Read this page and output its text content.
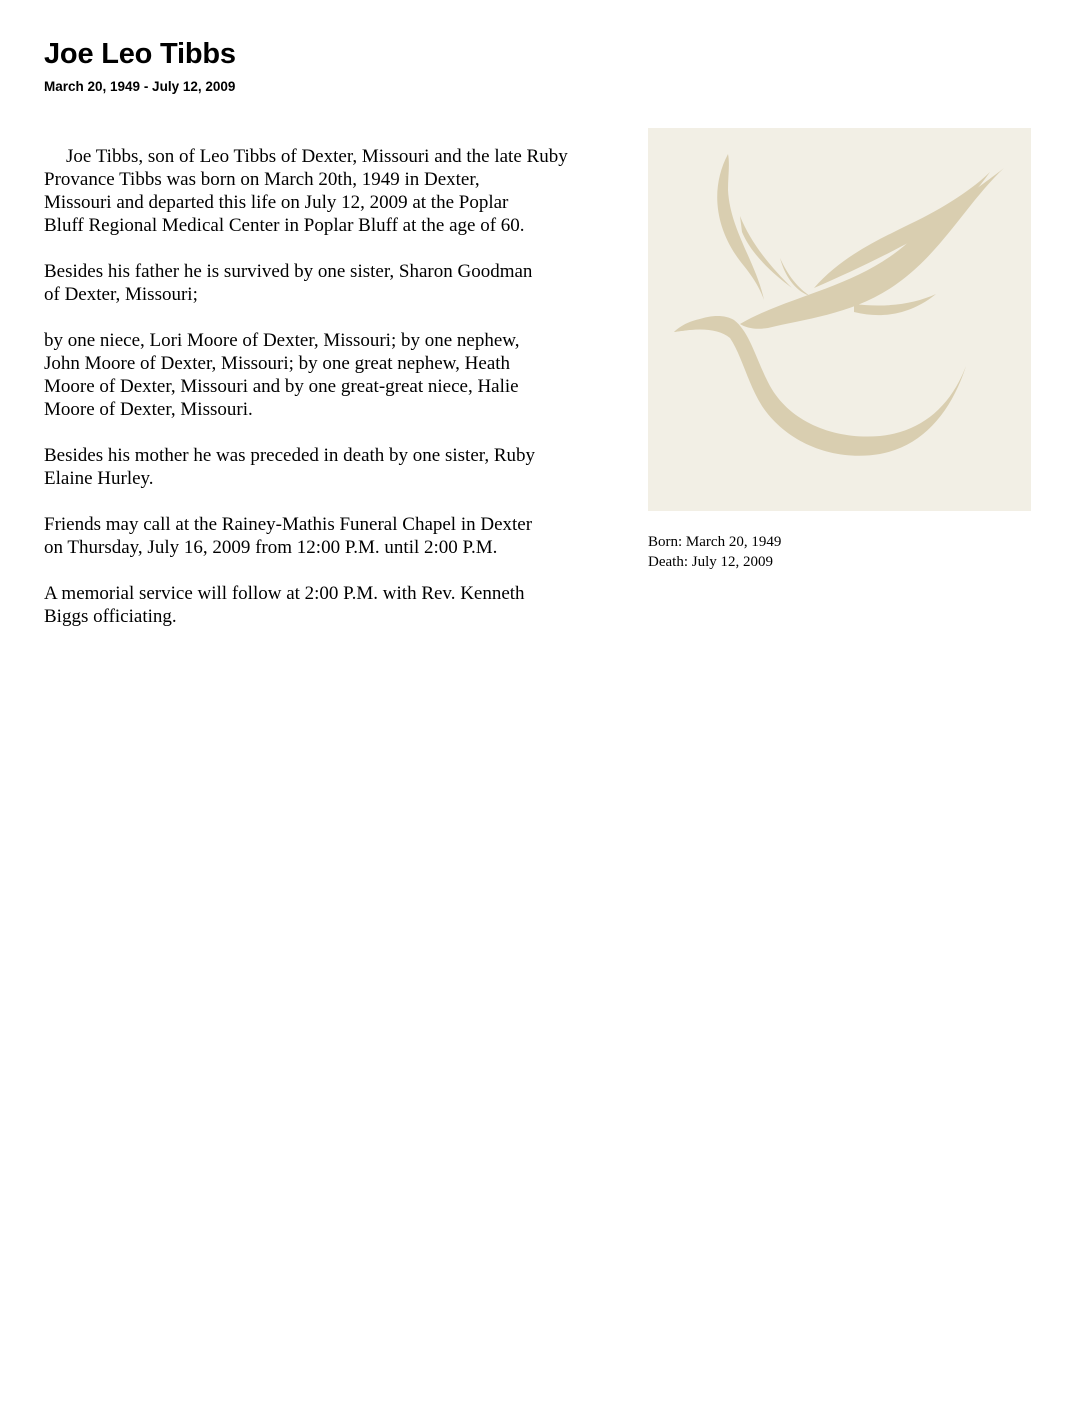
Joe Leo Tibbs
March 20, 1949 - July 12, 2009

Joe Tibbs, son of Leo Tibbs of Dexter, Missouri and the late Ruby
Provance Tibbs was born on March 20th, 1949 in Dexter,
Missouri and departed this life on July 12, 2009 at the Poplar
Bluff Regional Medical Center in Poplar Bluff at the age of 60.

Besides his father he is survived by one sister, Sharon Goodman
of Dexter, Missouri;

by one niece, Lori Moore of Dexter, Missouri; by one nephew,
John Moore of Dexter, Missouri; by one great nephew, Heath
Moore of Dexter, Missouri and by one great-great niece, Halie
Moore of Dexter, Missouri.

Besides his mother he was preceded in death by one sister, Ruby
Elaine Hurley.

Friends may call at the Rainey-Mathis Funeral Chapel in Dexter
on Thursday, July 16, 2009 from 12:00 P.M. until 2:00 P.M.

A memorial service will follow at 2:00 P.M. with Rev. Kenneth
Biggs officiating.

Born: March 20, 1949
Death: July 12, 2009
